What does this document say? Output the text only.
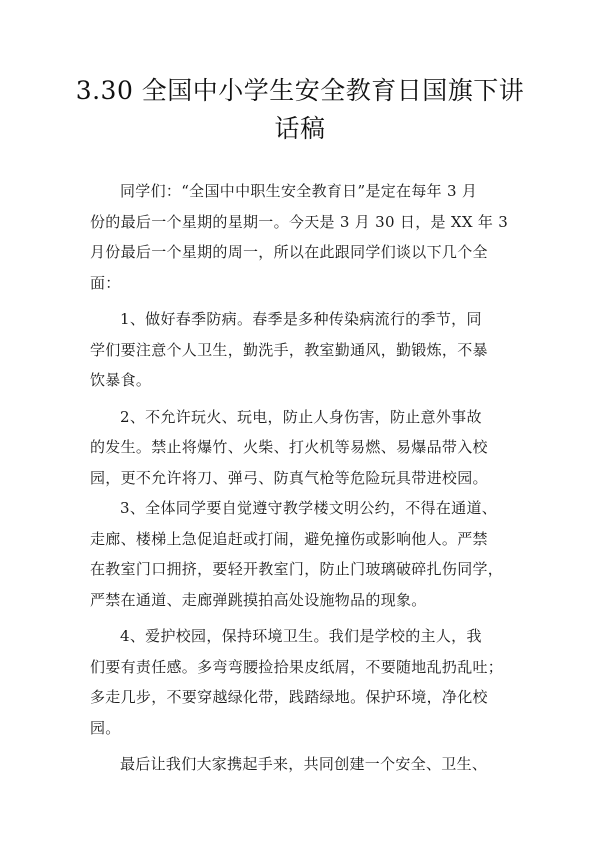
3.30 全国中小学生安全教育日国旗下讲
话稿
同学们：“全国中中职生安全教育日”是定在每年 3 月
份的最后一个星期的星期一。今天是 3 月 30 日，是 XX 年 3
月份最后一个星期的周一，所以在此跟同学们谈以下几个全
面：
1、做好春季防病。春季是多种传染病流行的季节，同
学们要注意个人卫生，勤洗手，教室勤通风，勤锻炼，不暴
饮暴食。
2、不允许玩火、玩电，防止人身伤害，防止意外事故
的发生。禁止将爆竹、火柴、打火机等易燃、易爆品带入校
园，更不允许将刀、弹弓、防真气枪等危险玩具带进校园。
3、全体同学要自觉遵守教学楼文明公约，不得在通道、
走廊、楼梯上急促追赶或打闹，避免撞伤或影响他人。严禁
在教室门口拥挤，要轻开教室门，防止门玻璃破碎扎伤同学，
严禁在通道、走廊弹跳摸拍高处设施物品的现象。
4、爱护校园，保持环境卫生。我们是学校的主人，我
们要有责任感。多弯弯腰捡拾果皮纸屑，不要随地乱扔乱吐；
多走几步，不要穿越绿化带，践踏绿地。保护环境，净化校
园。
最后让我们大家携起手来，共同创建一个安全、卫生、
